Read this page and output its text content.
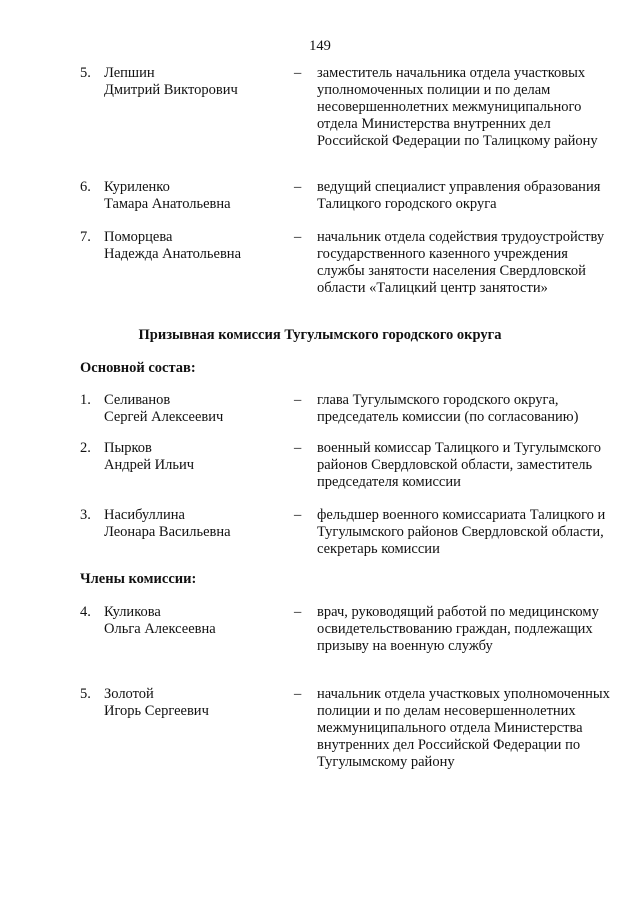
149
5. Лепшин
Дмитрий Викторович
– заместитель начальника отдела участковых уполномоченных полиции и по делам несовершеннолетних межмуниципального отдела Министерства внутренних дел Российской Федерации по Талицкому району
6. Куриленко
Тамара Анатольевна
– ведущий специалист управления образования Талицкого городского округа
7. Поморцева
Надежда Анатольевна
– начальник отдела содействия трудоустройству государственного казенного учреждения службы занятости населения Свердловской области «Талицкий центр занятости»
Призывная комиссия Тугулымского городского округа
Основной состав:
1. Селиванов
Сергей Алексеевич
– глава Тугулымского городского округа, председатель комиссии (по согласованию)
2. Пырков
Андрей Ильич
– военный комиссар Талицкого и Тугулымского районов Свердловской области, заместитель председателя комиссии
3. Насибуллина
Леонара Васильевна
– фельдшер военного комиссариата Талицкого и Тугулымского районов Свердловской области, секретарь комиссии
Члены комиссии:
4. Куликова
Ольга Алексеевна
– врач, руководящий работой по медицинскому освидетельствованию граждан, подлежащих призыву на военную службу
5. Золотой
Игорь Сергеевич
– начальник отдела участковых уполномоченных полиции и по делам несовершеннолетних межмуниципального отдела Министерства внутренних дел Российской Федерации по Тугулымскому району
